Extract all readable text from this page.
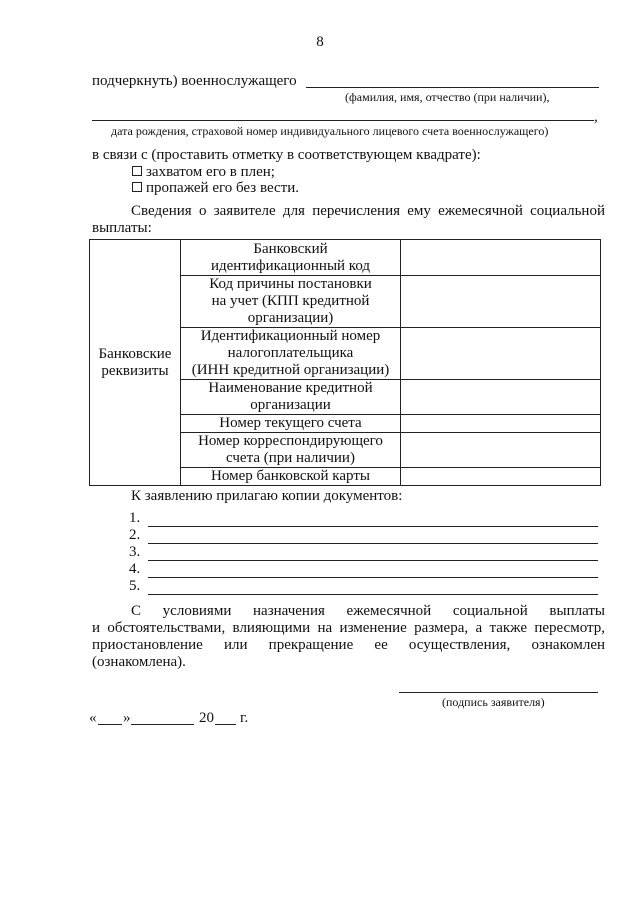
8
подчеркнуть) военнослужащего
(фамилия, имя, отчество (при наличии),
,
дата рождения, страховой номер индивидуального лицевого счета военнослужащего)
в связи с (проставить отметку в соответствующем квадрате):
захватом его в плен;
пропажей его без вести.
Сведения о заявителе для перечисления ему ежемесячной социальной
выплаты:
Банковские
реквизиты	Банковский
идентификационный код	
	Код причины постановки
на учет (КПП кредитной
организации)	
	Идентификационный номер
налогоплательщика
(ИНН кредитной организации)	
	Наименование кредитной
организации	
	Номер текущего счета	
	Номер корреспондирующего
счета (при наличии)	
	Номер банковской карты	
К заявлению прилагаю копии документов:
1.
2.
3.
4.
5.
С условиями назначения ежемесячной социальной выплаты
и обстоятельствами, влияющими на изменение размера, а также пересмотр,
приостановление или прекращение ее осуществления, ознакомлен
(ознакомлена).
(подпись заявителя)
« »	20 г.
